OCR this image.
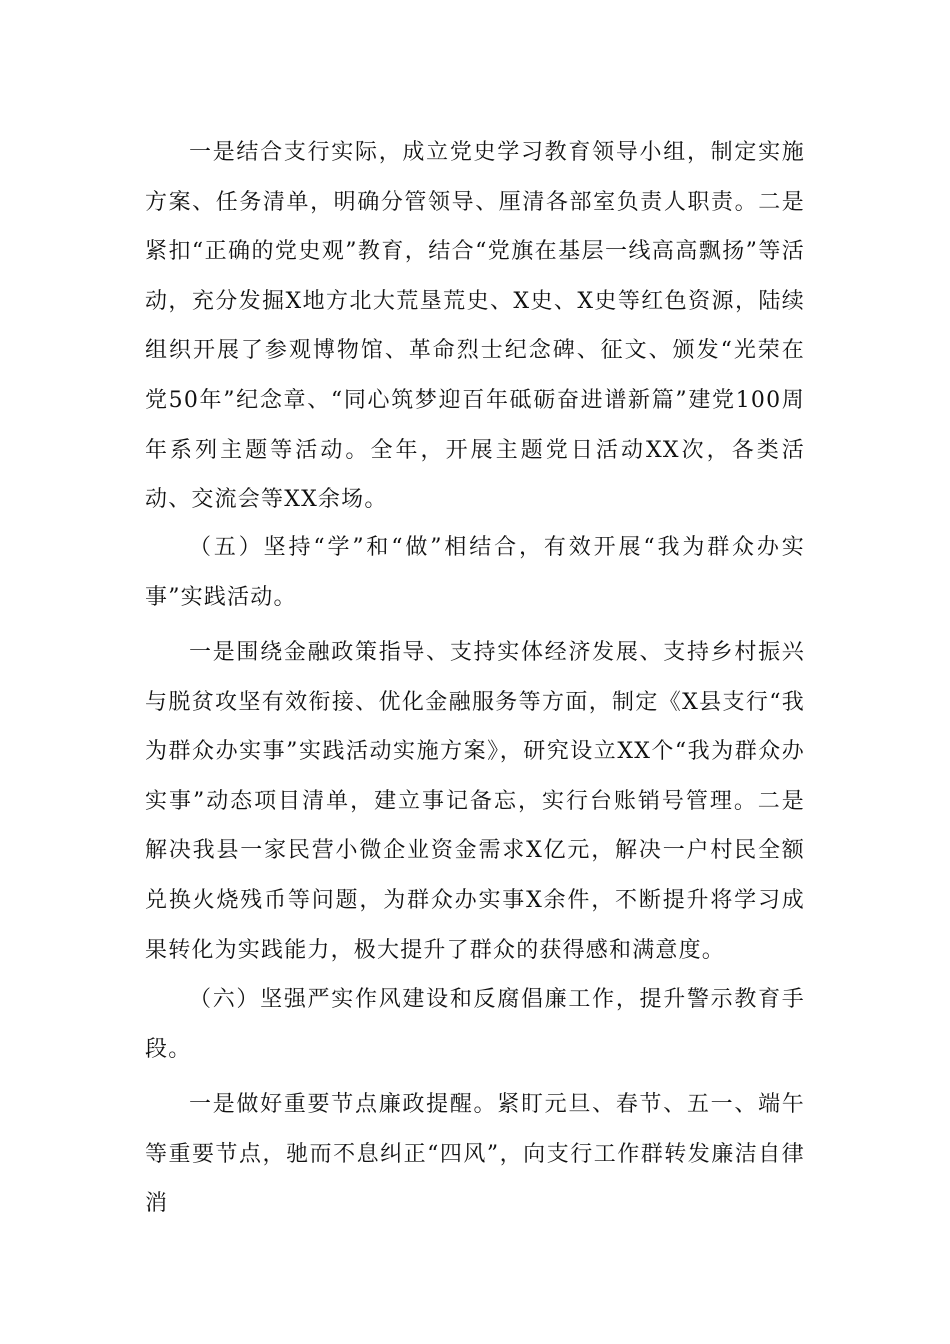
一是结合支行实际，成立党史学习教育领导小组，制定实施方案、任务清单，明确分管领导、厘清各部室负责人职责。二是紧扣“正确的党史观”教育，结合“党旗在基层一线高高飘扬”等活动，充分发掘X地方北大荒垦荒史、X史、X史等红色资源，陆续组织开展了参观博物馆、革命烈士纪念碑、征文、颁发“光荣在党50年”纪念章、“同心筑梦迎百年砥砺奋进谱新篇”建党100周年系列主题等活动。全年，开展主题党日活动XX次，各类活动、交流会等XX余场。

（五）坚持“学”和“做”相结合，有效开展“我为群众办实事”实践活动。

一是围绕金融政策指导、支持实体经济发展、支持乡村振兴与脱贫攻坚有效衔接、优化金融服务等方面，制定《X县支行“我为群众办实事”实践活动实施方案》，研究设立XX个“我为群众办实事”动态项目清单，建立事记备忘，实行台账销号管理。二是解决我县一家民营小微企业资金需求X亿元，解决一户村民全额兑换火烧残币等问题，为群众办实事X余件，不断提升将学习成果转化为实践能力，极大提升了群众的获得感和满意度。

（六）坚强严实作风建设和反腐倡廉工作，提升警示教育手段。

一是做好重要节点廉政提醒。紧盯元旦、春节、五一、端午等重要节点，驰而不息纠正“四风”，向支行工作群转发廉洁自律消
